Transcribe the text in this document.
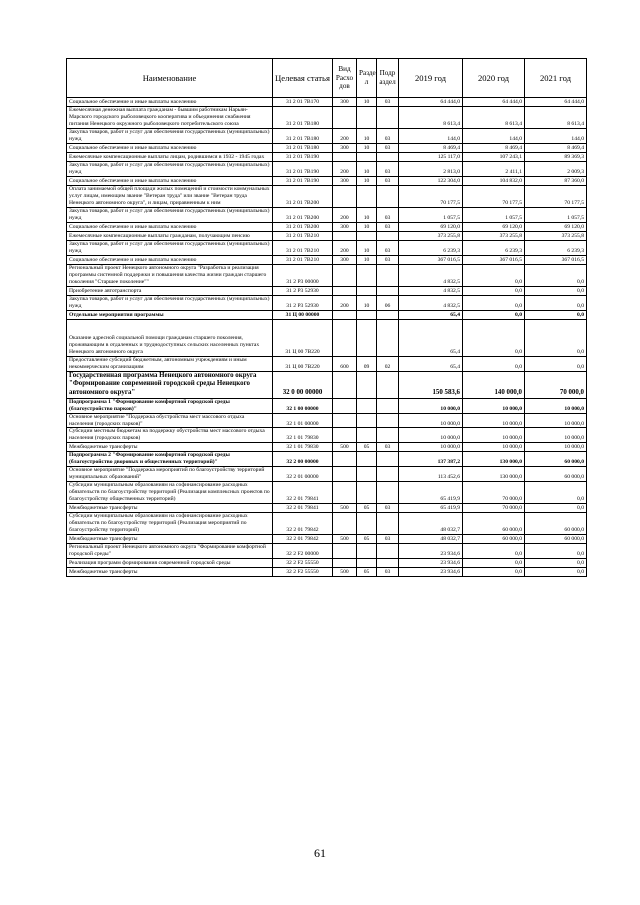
Наименование	Целевая статья	Вид Расхо дов	Разде л	Подр аздел	2019 год	2020 год	2021 год
Социальное обеспечение и иные выплаты населению	31 2 01 7В170	300	10	03	64 444,0	64 444,0	64 444,0
Ежемесячная денежная выплата гражданам - бывшим работникам Нарьян-Марского городского рыболовецкого кооператива и объединения снабжения питания Ненецкого окружного рыболовецкого потребительского союза	31 2 01 7В180				8 613,4	8 613,4	8 613,4
Закупка товаров, работ и услуг для обеспечения государственных (муниципальных) нужд	31 2 01 7В180	200	10	03	144,0	144,0	144,0
Социальное обеспечение и иные выплаты населению	31 2 01 7В180	300	10	03	8 469,4	8 469,4	8 469,4
Ежемесячные компенсационные выплаты лицам, родившимся в 1932 - 1945 годах	31 2 01 7В190				125 117,0	107 243,1	89 369,3
Закупка товаров, работ и услуг для обеспечения государственных (муниципальных) нужд	31 2 01 7В190	200	10	03	2 813,0	2 411,1	2 009,3
Социальное обеспечение и иные выплаты населению	31 2 01 7В190	300	10	03	122 304,0	104 832,0	87 360,0
Оплата занимаемой общей площади жилых помещений и стоимости коммунальных услуг лицам, имеющим звание "Ветеран труда" или звание "Ветеран труда Ненецкого автономного округа", и лицам, приравненным к ним	31 2 01 7В200				70 177,5	70 177,5	70 177,5
Закупка товаров, работ и услуг для обеспечения государственных (муниципальных) нужд	31 2 01 7В200	200	10	03	1 057,5	1 057,5	1 057,5
Социальное обеспечение и иные выплаты населению	31 2 01 7В200	300	10	03	69 120,0	69 120,0	69 120,0
Ежемесячные компенсационные выплаты гражданам, получающим пенсию	31 2 01 7В210				373 255,8	373 255,8	373 255,8
Закупка товаров, работ и услуг для обеспечения государственных (муниципальных) нужд	31 2 01 7В210	200	10	03	6 239,3	6 239,3	6 239,3
Социальное обеспечение и иные выплаты населению	31 2 01 7В210	300	10	03	367 016,5	367 016,5	367 016,5
Региональный проект Ненецкого автономного округа "Разработка и реализация программы системной поддержки и повышения качества жизни граждан старшего поколения "Старшее поколение""	31 2 Р3 00000				4 832,5	0,0	0,0
Приобретение автотранспорта	31 2 Р3 52930				4 832,5	0,0	0,0
Закупка товаров, работ и услуг для обеспечения государственных (муниципальных) нужд	31 2 Р3 52930	200	10	06	4 832,5	0,0	0,0
Отдельные мероприятия программы	31 Ц 00 00000				65,4	0,0	0,0
Оказание адресной социальной помощи гражданам старшего поколения, проживающим в отдаленных и труднодоступных сельских населенных пунктах Ненецкого автономного округа	31 Ц 00 7В220				65,4	0,0	0,0
Предоставление субсидий бюджетным, автономным учреждениям и иным некоммерческим организациям	31 Ц 00 7В220	600	09	02	65,4	0,0	0,0
Государственная программа Ненецкого автономного округа "Формирование современной городской среды Ненецкого автономного округа"	32 0 00 00000				150 583,6	140 000,0	70 000,0
Подпрограмма 1 "Формирование комфортной городской среды (благоустройство парков)"	32 1 00 00000				10 000,0	10 000,0	10 000,0
Основное мероприятие "Поддержка обустройства мест массового отдыха населения (городских парков)"	32 1 01 00000				10 000,0	10 000,0	10 000,0
Субсидии местным бюджетам на поддержку обустройства мест массового отдыха населения (городских парков)	32 1 01 79830				10 000,0	10 000,0	10 000,0
Межбюджетные трансферты	32 1 01 79830	500	05	03	10 000,0	10 000,0	10 000,0
Подпрограмма 2 "Формирование комфортной городской среды (благоустройство дворовых и общественных территорий)"	32 2 00 00000				137 387,2	130 000,0	60 000,0
Основное мероприятие "Поддержка мероприятий по благоустройству территорий муниципальных образований"	32 2 01 00000				113 452,6	130 000,0	60 000,0
Субсидии муниципальным образованиям на софинансирование расходных обязательств по благоустройству территорий (Реализация комплексных проектов по благоустройству общественных территорий)	32 2 01 79841				65 419,9	70 000,0	0,0
Межбюджетные трансферты	32 2 01 79841	500	05	03	65 419,9	70 000,0	0,0
Субсидии муниципальным образованиям на софинансирование расходных обязательств по благоустройству территорий (Реализация мероприятий по благоустройству территорий)	32 2 01 79842				48 032,7	60 000,0	60 000,0
Межбюджетные трансферты	32 2 01 79842	500	05	03	48 032,7	60 000,0	60 000,0
Региональный проект Ненецкого автономного округа "Формирование комфортной городской среды"	32 2 F2 00000				23 934,6	0,0	0,0
Реализация программ формирования современной городской среды	32 2 F2 55550				23 934,6	0,0	0,0
Межбюджетные трансферты	32 2 F2 55550	500	05	03	23 934,6	0,0	0,0
61
